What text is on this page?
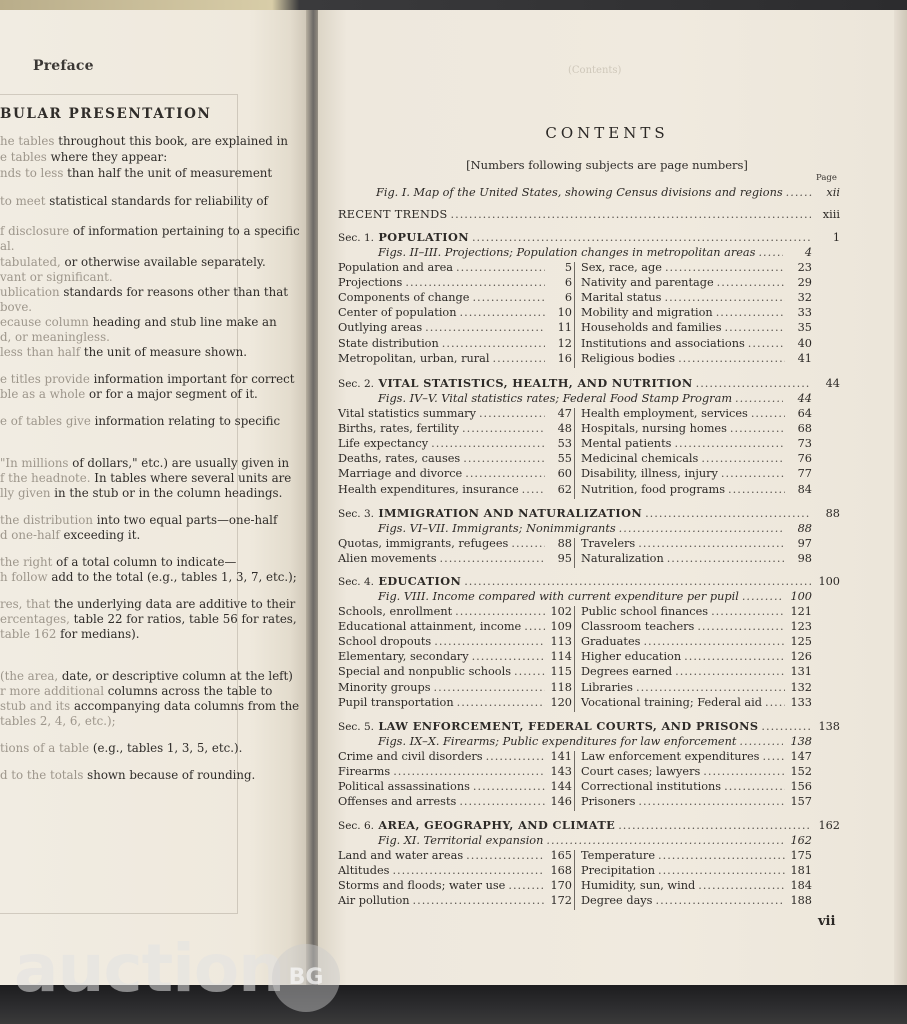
Preface
BULAR PRESENTATION
he tables throughout this book, are explained in
e tables where they appear:
nds to less than half the unit of measurement
to meet statistical standards for reliability of
f disclosure of information pertaining to a specific
al.
tabulated, or otherwise available separately.
vant or significant.
ublication standards for reasons other than that
bove.
ecause column heading and stub line make an
d, or meaningless.
less than half the unit of measure shown.
e titles provide information important for correct
ble as a whole or for a major segment of it.
e of tables give information relating to specific
"In millions of dollars," etc.) are usually given in
f the headnote. In tables where several units are
lly given in the stub or in the column headings.
the distribution into two equal parts—one-half
d one-half exceeding it.
the right of a total column to indicate—
h follow add to the total (e.g., tables 1, 3, 7, etc.);
res, that the underlying data are additive to their
ercentages, table 22 for ratios, table 56 for rates,
table 162 for medians).
(the area, date, or descriptive column at the left)
r more additional columns across the table to
stub and its accompanying data columns from the
tables 2, 4, 6, etc.);
tions of a table (e.g., tables 1, 3, 5, etc.).
d to the totals shown because of rounding.
(Contents)
CONTENTS
[Numbers following subjects are page numbers]
Page
Fig. I. Map of the United States, showing Census divisions and regions .....	xii
RECENT TRENDS .....	xiii
Sec. 1. POPULATION .....	1
Figs. II–III. Projections; Population changes in metropolitan areas .....	4
Population and area .....	5
Projections .....	6
Components of change .....	6
Center of population .....	10
Outlying areas .....	11
State distribution .....	12
Metropolitan, urban, rural .....	16
Sex, race, age .....	23
Nativity and parentage .....	29
Marital status .....	32
Mobility and migration .....	33
Households and families .....	35
Institutions and associations .....	40
Religious bodies .....	41
Sec. 2. VITAL STATISTICS, HEALTH, AND NUTRITION .....	44
Figs. IV–V. Vital statistics rates; Federal Food Stamp Program .....	44
Vital statistics summary .....	47
Births, rates, fertility .....	48
Life expectancy .....	53
Deaths, rates, causes .....	55
Marriage and divorce .....	60
Health expenditures, insurance .....	62
Health employment, services .....	64
Hospitals, nursing homes .....	68
Mental patients .....	73
Medicinal chemicals .....	76
Disability, illness, injury .....	77
Nutrition, food programs .....	84
Sec. 3. IMMIGRATION AND NATURALIZATION .....	88
Figs. VI–VII. Immigrants; Nonimmigrants .....	88
Quotas, immigrants, refugees .....	88
Alien movements .....	95
Travelers .....	97
Naturalization .....	98
Sec. 4. EDUCATION .....	100
Fig. VIII. Income compared with current expenditure per pupil .....	100
Schools, enrollment .....	102
Educational attainment, income .....	109
School dropouts .....	113
Elementary, secondary .....	114
Special and nonpublic schools .....	115
Minority groups .....	118
Pupil transportation .....	120
Public school finances .....	121
Classroom teachers .....	123
Graduates .....	125
Higher education .....	126
Degrees earned .....	131
Libraries .....	132
Vocational training; Federal aid .....	133
Sec. 5. LAW ENFORCEMENT, FEDERAL COURTS, AND PRISONS .....	138
Figs. IX–X. Firearms; Public expenditures for law enforcement .....	138
Crime and civil disorders .....	141
Firearms .....	143
Political assassinations .....	144
Offenses and arrests .....	146
Law enforcement expenditures .....	147
Court cases; lawyers .....	152
Correctional institutions .....	156
Prisoners .....	157
Sec. 6. AREA, GEOGRAPHY, AND CLIMATE .....	162
Fig. XI. Territorial expansion .....	162
Land and water areas .....	165
Altitudes .....	168
Storms and floods; water use .....	170
Air pollution .....	172
Temperature .....	175
Precipitation .....	181
Humidity, sun, wind .....	184
Degree days .....	188
vii
auction BG
